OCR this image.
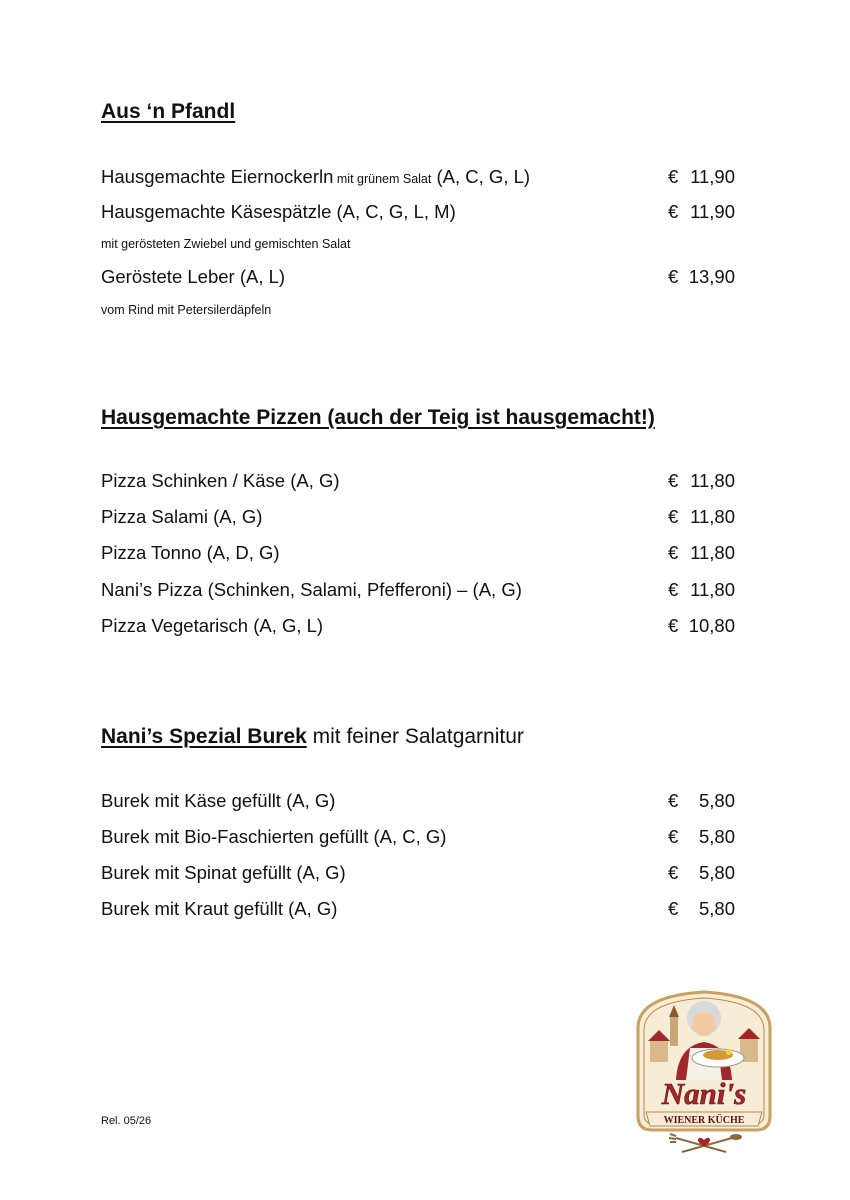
Aus ‘n Pfandl
Hausgemachte Eiernockerln mit grünem Salat (A, C, G, L)	€ 11,90
Hausgemachte Käsespätzle (A, C, G, L, M)	€ 11,90
mit gerösteten Zwiebel und gemischten Salat
Geröstete Leber (A, L)	€ 13,90
vom Rind mit Petersilerdäpfeln
Hausgemachte Pizzen (auch der Teig ist hausgemacht!)
Pizza Schinken / Käse (A, G)	€ 11,80
Pizza Salami (A, G)	€ 11,80
Pizza Tonno (A, D, G)	€ 11,80
Nani’s Pizza (Schinken, Salami, Pfefferoni) – (A, G)	€ 11,80
Pizza Vegetarisch (A, G, L)	€ 10,80
Nani’s Spezial Burek mit feiner Salatgarnitur
Burek mit Käse gefüllt (A, G)	€ 5,80
Burek mit Bio-Faschierten gefüllt (A, C, G)	€ 5,80
Burek mit Spinat gefüllt (A, G)	€ 5,80
Burek mit Kraut gefüllt (A, G)	€ 5,80
Rel. 05/26
Nani's
WIENER KÜCHE
